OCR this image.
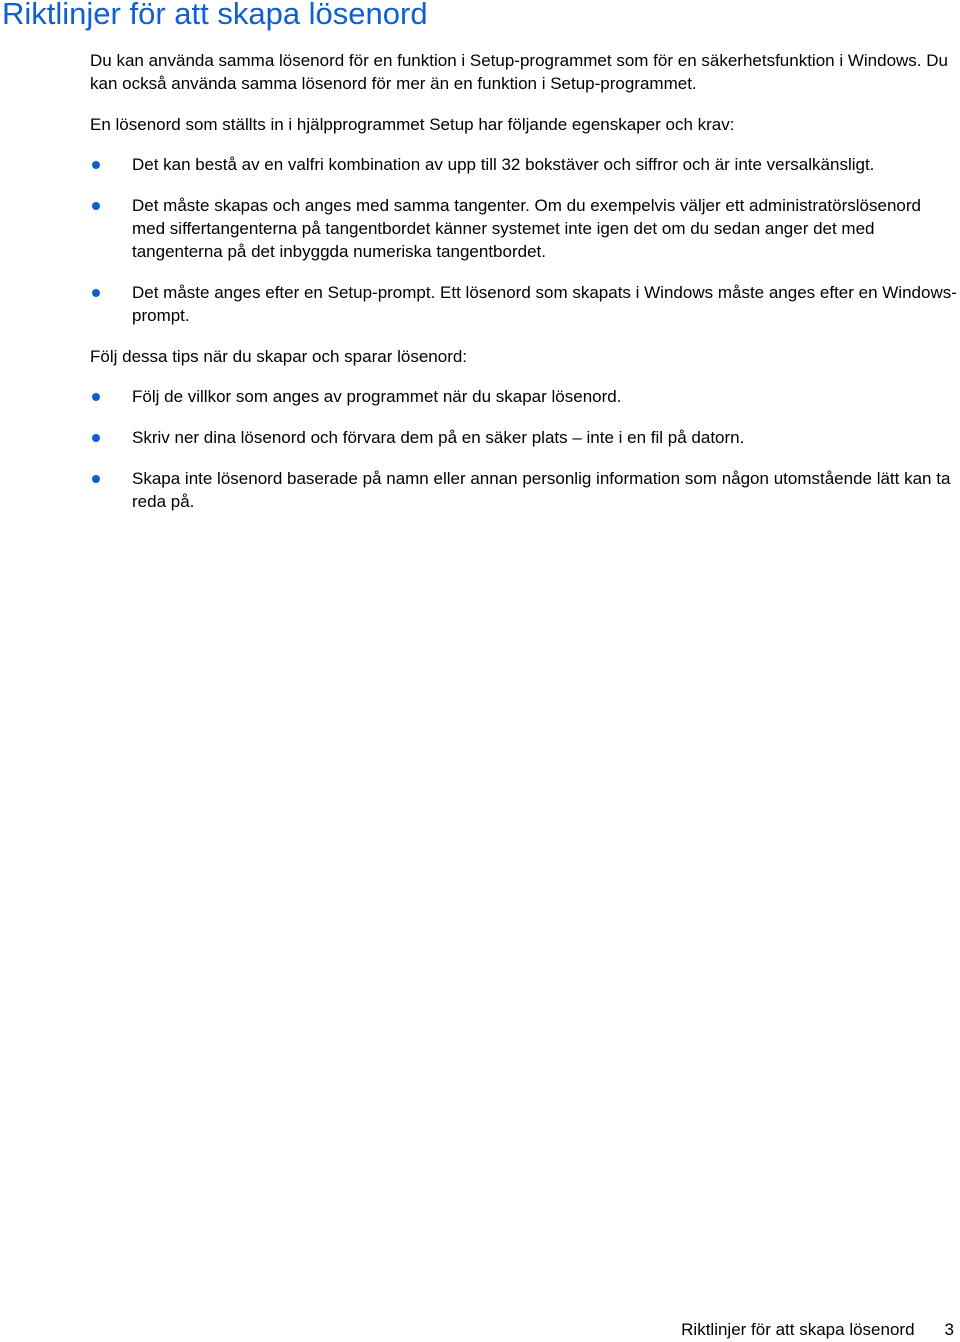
Riktlinjer för att skapa lösenord

Du kan använda samma lösenord för en funktion i Setup-programmet som för en säkerhetsfunktion i Windows. Du kan också använda samma lösenord för mer än en funktion i Setup-programmet.

En lösenord som ställts in i hjälpprogrammet Setup har följande egenskaper och krav:

Det kan bestå av en valfri kombination av upp till 32 bokstäver och siffror och är inte versalkänsligt.
Det måste skapas och anges med samma tangenter. Om du exempelvis väljer ett administratörslösenord med siffertangenterna på tangentbordet känner systemet inte igen det om du sedan anger det med tangenterna på det inbyggda numeriska tangentbordet.
Det måste anges efter en Setup-prompt. Ett lösenord som skapats i Windows måste anges efter en Windows-prompt.

Följ dessa tips när du skapar och sparar lösenord:

Följ de villkor som anges av programmet när du skapar lösenord.
Skriv ner dina lösenord och förvara dem på en säker plats – inte i en fil på datorn.
Skapa inte lösenord baserade på namn eller annan personlig information som någon utomstående lätt kan ta reda på.
Riktlinjer för att skapa lösenord 3
